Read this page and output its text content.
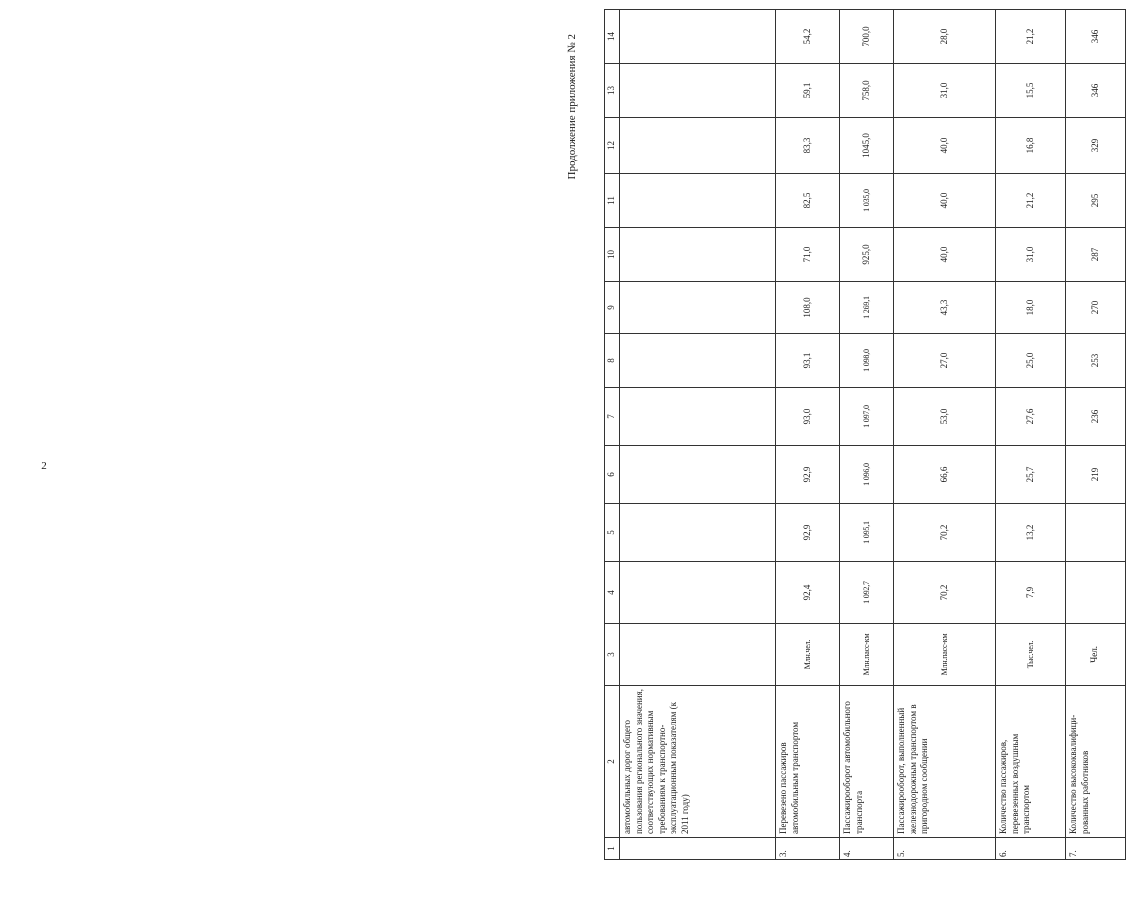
2
Продолжение приложения № 2
1	2	3	4	5	6	7	8	9	10	11	12	13	14
	автомобильных дорог общего пользования регионального значения, соответствующих нормативным требованиям к транспортно-эксплуатационным показателям (к 2011 году)												
3.	Перевезено пассажиров автомобильным транспортом	Млн.чел.	92,4	92,9	92,9	93,0	93,1	108,0	71,0	82,5	83,3	59,1	54,2
4.	Пассажирооборот автомобильного транспорта	Млн.пасс-км	1 092,7	1 095,1	1 096,0	1 097,0	1 098,0	1 269,1	925,0	1 035,0	1045,0	758,0	700,0
5.	Пассажирооборот, выполненный железнодорожным транспортом в пригородном сообщении	Млн.пасс-км	70,2	70,2	66,6	53,0	27,0	43,3	40,0	40,0	40,0	31,0	28,0
6.	Количество пассажиров, перевезенных воздушным транспортом	Тыс.чел.	7,9	13,2	25,7	27,6	25,0	18,0	31,0	21,2	16,8	15,5	21,2
7.	Количество высококвалифици-рованных работников	Чел.			219	236	253	270	287	295	329	346	346
